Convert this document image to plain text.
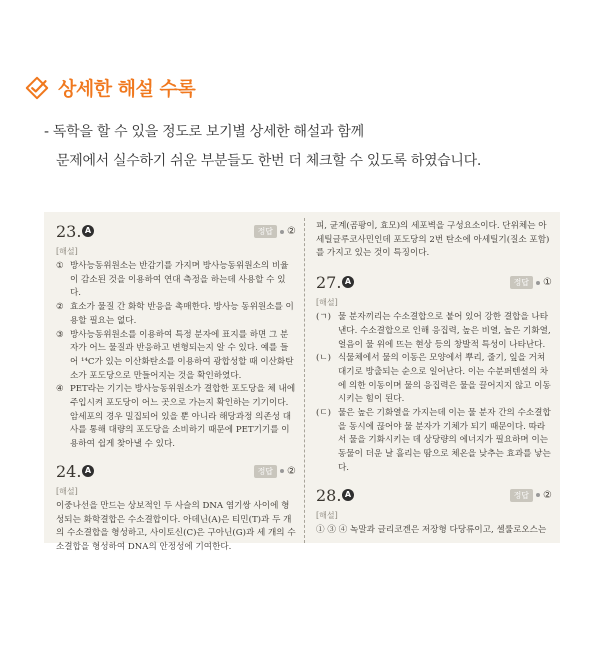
상세한 해설 수록
- 독학을 할 수 있을 정도로 보기별 상세한 해설과 함께
문제에서 실수하기 쉬운 부분들도 한번 더 체크할 수 있도록 하였습니다.
23. A	정답	②
[해설]
① 방사능동위원소는 반감기를 가지며 방사능동위원소의 비율이 감소된 것을 이용하여 연대 측정을 하는데 사용할 수 있다.
② 효소가 물질 간 화학 반응을 촉매한다. 방사능 동위원소를 이용할 필요는 없다.
③ 방사능동위원소를 이용하여 특정 분자에 표지를 하면 그 분자가 어느 물질과 반응하고 변형되는지 알 수 있다. 예를 들어 ¹⁴C가 있는 이산화탄소를 이용하여 광합성할 때 이산화탄소가 포도당으로 만들어지는 것을 확인하였다.
④ PET라는 기기는 방사능동위원소가 결합한 포도당을 체 내에 주입시켜 포도당이 어느 곳으로 가는지 확인하는 기기이다. 암세포의 경우 밀집되어 있을 뿐 아니라 해당과정 의존성 대사를 통해 대량의 포도당을 소비하기 때문에 PET기기를 이용하여 쉽게 찾아낼 수 있다.
24. A	정답	②
[해설]

이중나선을 만드는 상보적인 두 사슬의 DNA 염기쌍 사이에 형성되는 화학결합은 수소결합이다. 아데닌(A)은 티민(T)과 두 개의 수소결합을 형성하고, 사이토신(C)은 구아닌(G)과 세 개의 수소결합을 형성하여 DNA의 안정성에 기여한다.

피, 균계(곰팡이, 효모)의 세포벽을 구성요소이다. 단위체는 아세틸글루코사민인데 포도당의 2번 탄소에 아세틸기(질소 포함)를 가지고 있는 것이 특징이다.

27. A	정답	①
[해설]
(ㄱ) 물 분자끼리는 수소결합으로 붙어 있어 강한 결합을 나타낸다. 수소결합으로 인해 응집력, 높은 비열, 높은 기화열, 얼음이 물 위에 뜨는 현상 등의 창발적 특성이 나타난다.
(ㄴ) 식물체에서 물의 이동은 모양에서 뿌리, 줄기, 잎을 거쳐 대기로 방출되는 순으로 일어난다. 이는 수분퍼텐셜의 차에 의한 이동이며 물의 응집력은 물을 끌어지지 않고 이동시키는 힘이 된다.
(ㄷ) 물은 높은 기화열을 가지는데 이는 물 분자 간의 수소결합을 동시에 끊어야 물 분자가 기체가 되기 때문이다. 따라서 물을 기화시키는 데 상당량의 에너지가 필요하며 이는 동물이 더운 날 흘리는 땀으로 체온을 낮추는 효과를 낳는다.
28. A	정답	②
[해설]

① ③ ④ 녹말과 글리코겐은 저장형 다당류이고, 셀룰로오스는
